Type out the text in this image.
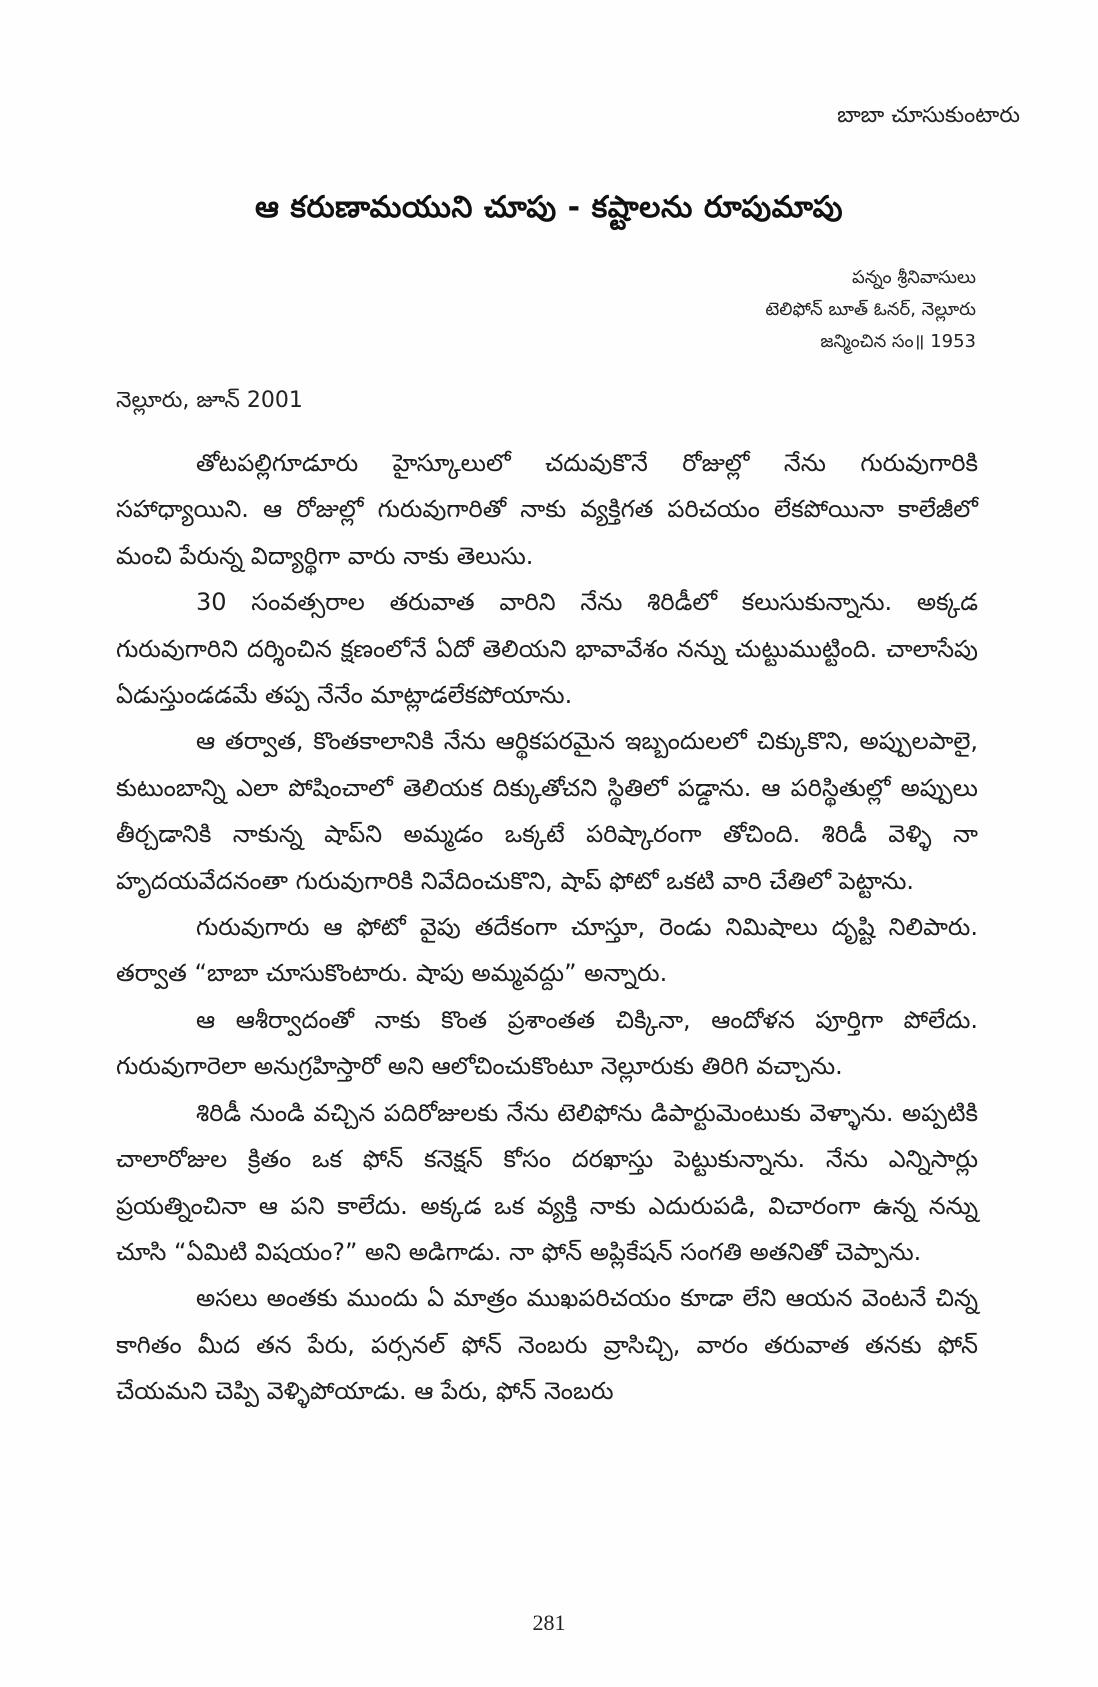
బాబా చూసుకుంటారు
ఆ కరుణామయుని చూపు - కష్టాలను రూపుమాపు
పన్నం శ్రీనివాసులు
టెలిఫోన్ బూత్ ఓనర్, నెల్లూరు
జన్మించిన సం॥ 1953
నెల్లూరు, జూన్ 2001

తోటపల్లిగూడూరు హైస్కూలులో చదువుకొనే రోజుల్లో నేను గురువుగారికి సహాధ్యాయిని. ఆ రోజుల్లో గురువుగారితో నాకు వ్యక్తిగత పరిచయం లేకపోయినా కాలేజీలో మంచి పేరున్న విద్యార్థిగా వారు నాకు తెలుసు.

30 సంవత్సరాల తరువాత వారిని నేను శిరిడీలో కలుసుకున్నాను. అక్కడ గురువుగారిని దర్శించిన క్షణంలోనే ఏదో తెలియని భావావేశం నన్ను చుట్టుముట్టింది. చాలాసేపు ఏడుస్తుండడమే తప్ప నేనేం మాట్లాడలేకపోయాను.

ఆ తర్వాత, కొంతకాలానికి నేను ఆర్థికపరమైన ఇబ్బందులలో చిక్కుకొని, అప్పులపాలై, కుటుంబాన్ని ఎలా పోషించాలో తెలియక దిక్కుతోచని స్థితిలో పడ్డాను. ఆ పరిస్థితుల్లో అప్పులు తీర్చడానికి నాకున్న షాప్‌ని అమ్మడం ఒక్కటే పరిష్కారంగా తోచింది. శిరిడీ వెళ్ళి నా హృదయవేదనంతా గురువుగారికి నివేదించుకొని, షాప్ ఫోటో ఒకటి వారి చేతిలో పెట్టాను.

గురువుగారు ఆ ఫోటో వైపు తదేకంగా చూస్తూ, రెండు నిమిషాలు దృష్టి నిలిపారు. తర్వాత “బాబా చూసుకొంటారు. షాపు అమ్మవద్దు” అన్నారు.

ఆ ఆశీర్వాదంతో నాకు కొంత ప్రశాంతత చిక్కినా, ఆందోళన పూర్తిగా పోలేదు. గురువుగారెలా అనుగ్రహిస్తారో అని ఆలోచించుకొంటూ నెల్లూరుకు తిరిగి వచ్చాను.

శిరిడీ నుండి వచ్చిన పదిరోజులకు నేను టెలిఫోను డిపార్టుమెంటుకు వెళ్ళాను. అప్పటికి చాలారోజుల క్రితం ఒక ఫోన్ కనెక్షన్ కోసం దరఖాస్తు పెట్టుకున్నాను. నేను ఎన్నిసార్లు ప్రయత్నించినా ఆ పని కాలేదు. అక్కడ ఒక వ్యక్తి నాకు ఎదురుపడి, విచారంగా ఉన్న నన్ను చూసి “ఏమిటి విషయం?” అని అడిగాడు. నా ఫోన్ అప్లికేషన్ సంగతి అతనితో చెప్పాను.

అసలు అంతకు ముందు ఏ మాత్రం ముఖపరిచయం కూడా లేని ఆయన వెంటనే చిన్న కాగితం మీద తన పేరు, పర్సనల్ ఫోన్ నెంబరు వ్రాసిచ్చి, వారం తరువాత తనకు ఫోన్ చేయమని చెప్పి వెళ్ళిపోయాడు. ఆ పేరు, ఫోన్ నెంబరు

281
